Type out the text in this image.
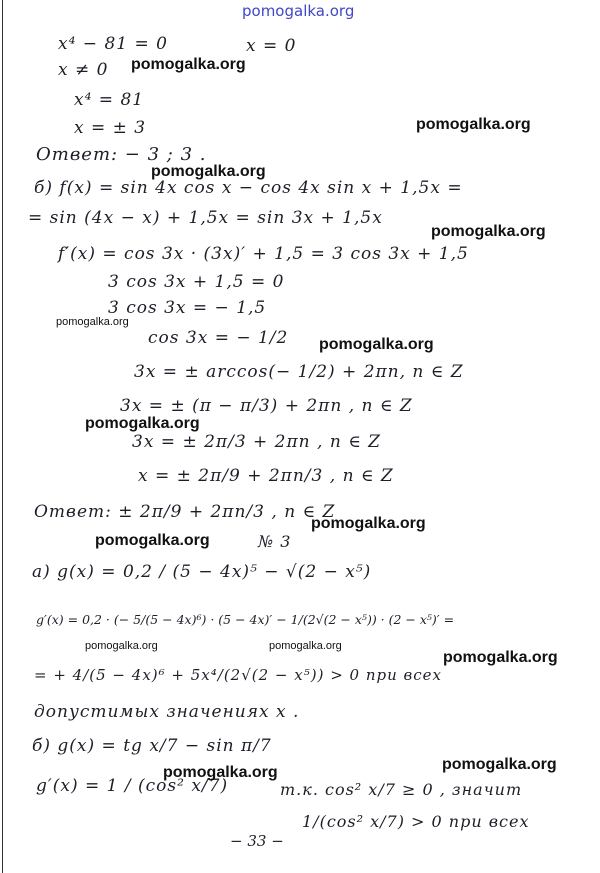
x⁴ − 81 = 0	x = 0
x ≠ 0
x⁴ = 81
x = ± 3
Ответ: − 3 ; 3 .
б) f(x) = sin 4x cos x − cos 4x sin x + 1,5x =
= sin (4x − x) + 1,5x = sin 3x + 1,5x
f′(x) = cos 3x · (3x)′ + 1,5 = 3 cos 3x + 1,5
3 cos 3x + 1,5 = 0
3 cos 3x = − 1,5
cos 3x = − 1/2
3x = ± arccos(− 1/2) + 2πn, n ∈ Z
3x = ± (π − π/3) + 2πn , n ∈ Z
3x = ± 2π/3 + 2πn , n ∈ Z
x = ± 2π/9 + 2πn/3 , n ∈ Z
Ответ: ± 2π/9 + 2πn/3 , n ∈ Z
№ 3
а) g(x) = 0,2 / (5 − 4x)⁵ − √(2 − x⁵)
g′(x) = 0,2 · (− 5/(5 − 4x)⁶) · (5 − 4x)′ − 1/(2√(2 − x⁵)) · (2 − x⁵)′ =
= + 4/(5 − 4x)⁶ + 5x⁴/(2√(2 − x⁵)) > 0 при всех
допустимых значениях x .
б) g(x) = tg x/7 − sin π/7
g′(x) = 1 / (cos² x/7)	т.к. cos² x/7 ≥ 0 , значит
1/(cos² x/7) > 0 при всех
− 33 −
pomogalka.org
pomogalka.org
pomogalka.org
pomogalka.org
pomogalka.org
pomogalka.org
pomogalka.org
pomogalka.org
pomogalka.org
pomogalka.org
pomogalka.org	pomogalka.org
pomogalka.org
pomogalka.org	pomogalka.org
